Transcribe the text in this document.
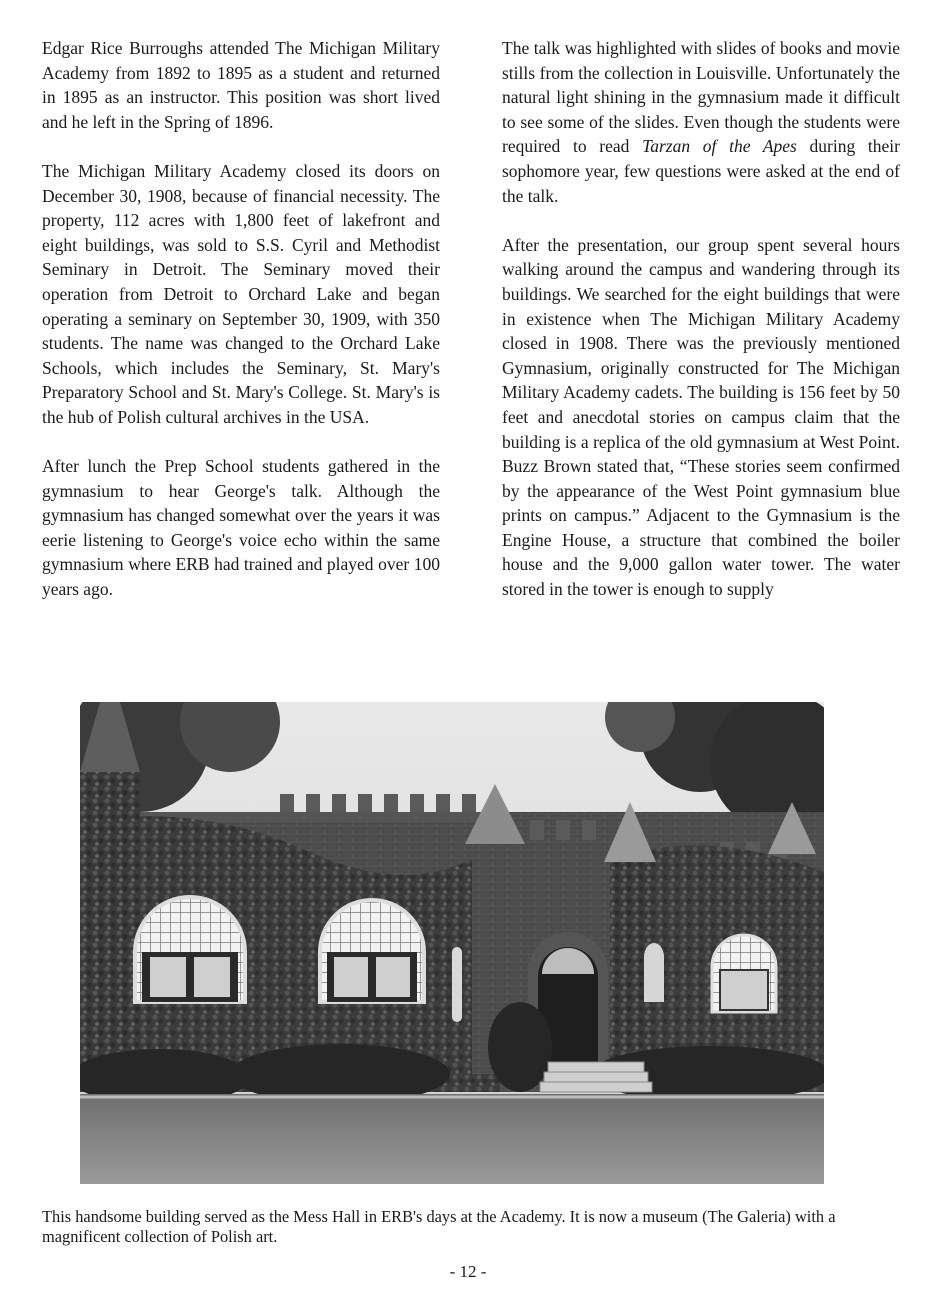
Edgar Rice Burroughs attended The Michigan Military Academy from 1892 to 1895 as a student and returned in 1895 as an instructor. This position was short lived and he left in the Spring of 1896.

The Michigan Military Academy closed its doors on December 30, 1908, because of financial necessity. The property, 112 acres with 1,800 feet of lakefront and eight buildings, was sold to S.S. Cyril and Methodist Seminary in Detroit. The Seminary moved their operation from Detroit to Orchard Lake and began operating a seminary on September 30, 1909, with 350 students. The name was changed to the Orchard Lake Schools, which includes the Seminary, St. Mary's Preparatory School and St. Mary's College. St. Mary's is the hub of Polish cultural archives in the USA.

After lunch the Prep School students gathered in the gymnasium to hear George's talk. Although the gymnasium has changed somewhat over the years it was eerie listening to George's voice echo within the same gymnasium where ERB had trained and played over 100 years ago.

The talk was highlighted with slides of books and movie stills from the collection in Louisville. Unfortunately the natural light shining in the gymnasium made it difficult to see some of the slides. Even though the students were required to read Tarzan of the Apes during their sophomore year, few questions were asked at the end of the talk.

After the presentation, our group spent several hours walking around the campus and wandering through its buildings. We searched for the eight buildings that were in existence when The Michigan Military Academy closed in 1908. There was the previously mentioned Gymnasium, originally constructed for The Michigan Military Academy cadets. The building is 156 feet by 50 feet and anecdotal stories on campus claim that the building is a replica of the old gymnasium at West Point. Buzz Brown stated that, “These stories seem confirmed by the appearance of the West Point gymnasium blue prints on campus.” Adjacent to the Gymnasium is the Engine House, a structure that combined the boiler house and the 9,000 gallon water tower. The water stored in the tower is enough to supply

This handsome building served as the Mess Hall in ERB's days at the Academy. It is now a museum (The Galeria) with a magnificent collection of Polish art.
- 12 -
